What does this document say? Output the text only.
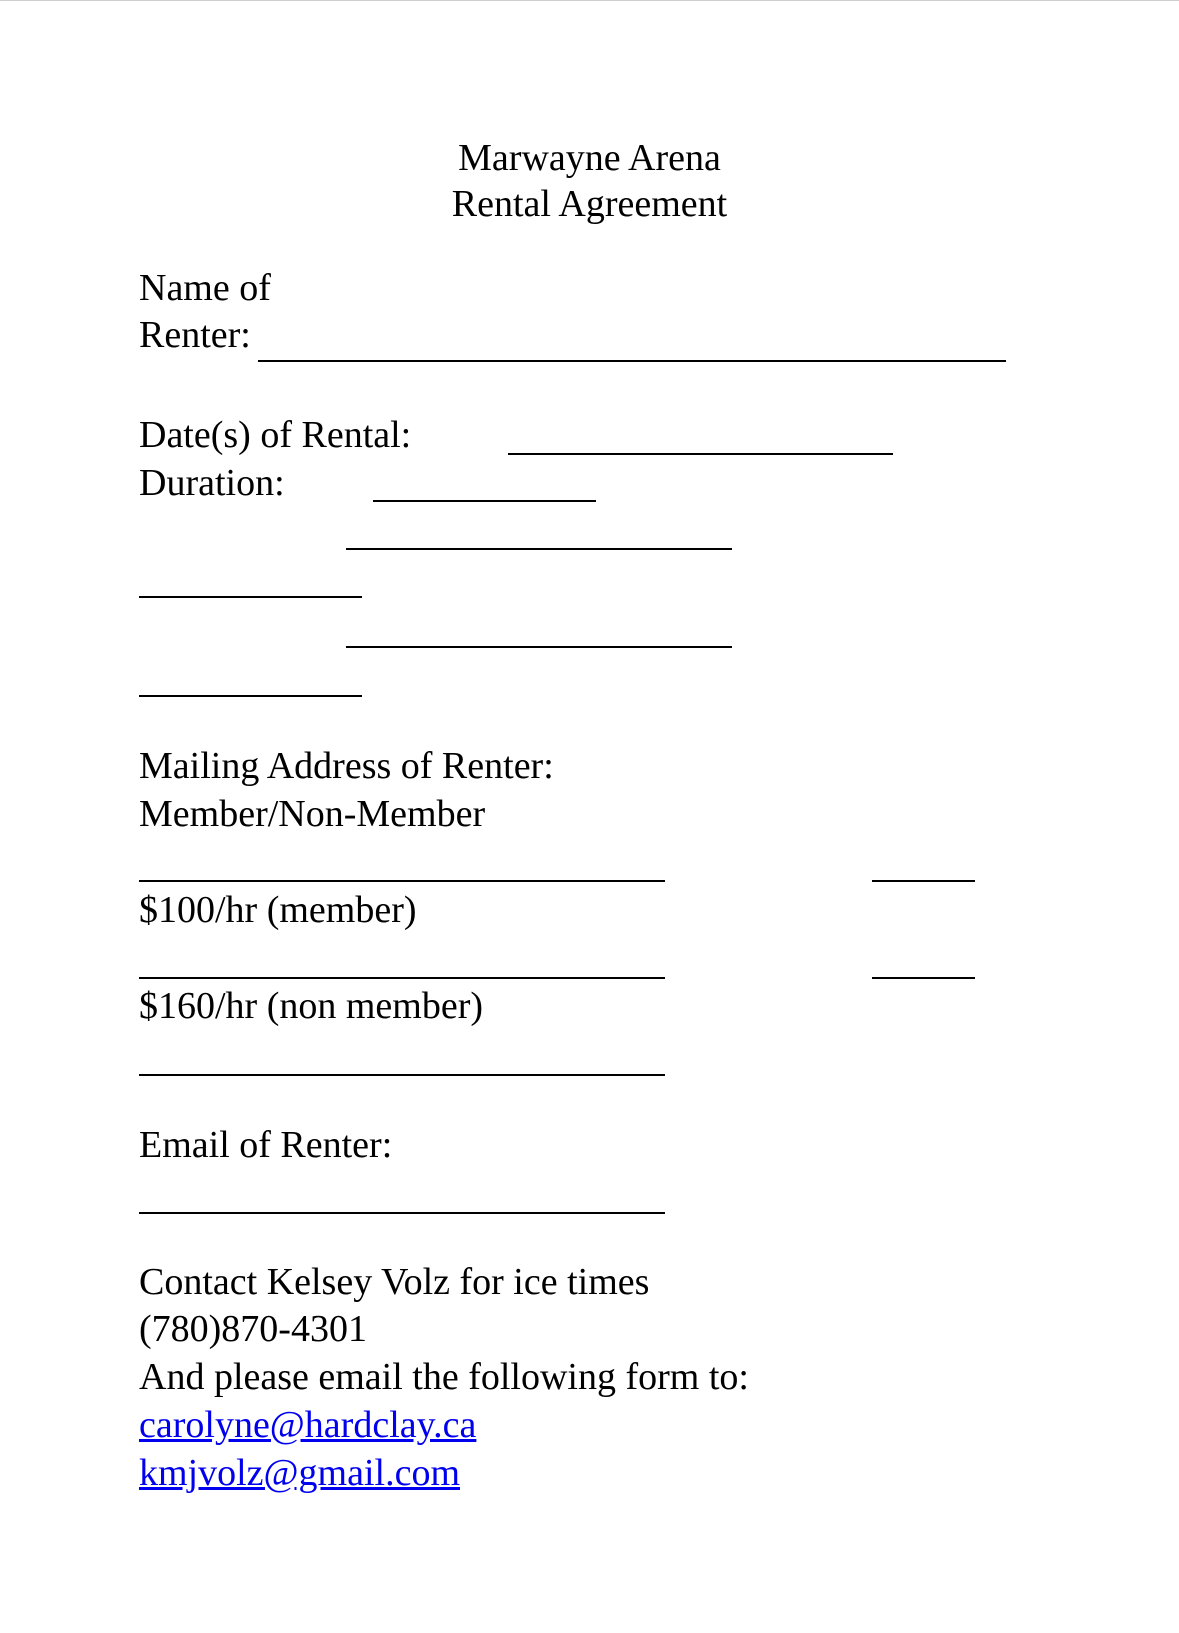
Marwayne Arena
Rental Agreement
Name of
Renter:
Date(s) of Rental:
Duration:
Mailing Address of Renter:
Member/Non-Member
$100/hr (member)
$160/hr (non member)
Email of Renter:
Contact Kelsey Volz for ice times
(780)870-4301
And please email the following form to:
carolyne@hardclay.ca
kmjvolz@gmail.com
